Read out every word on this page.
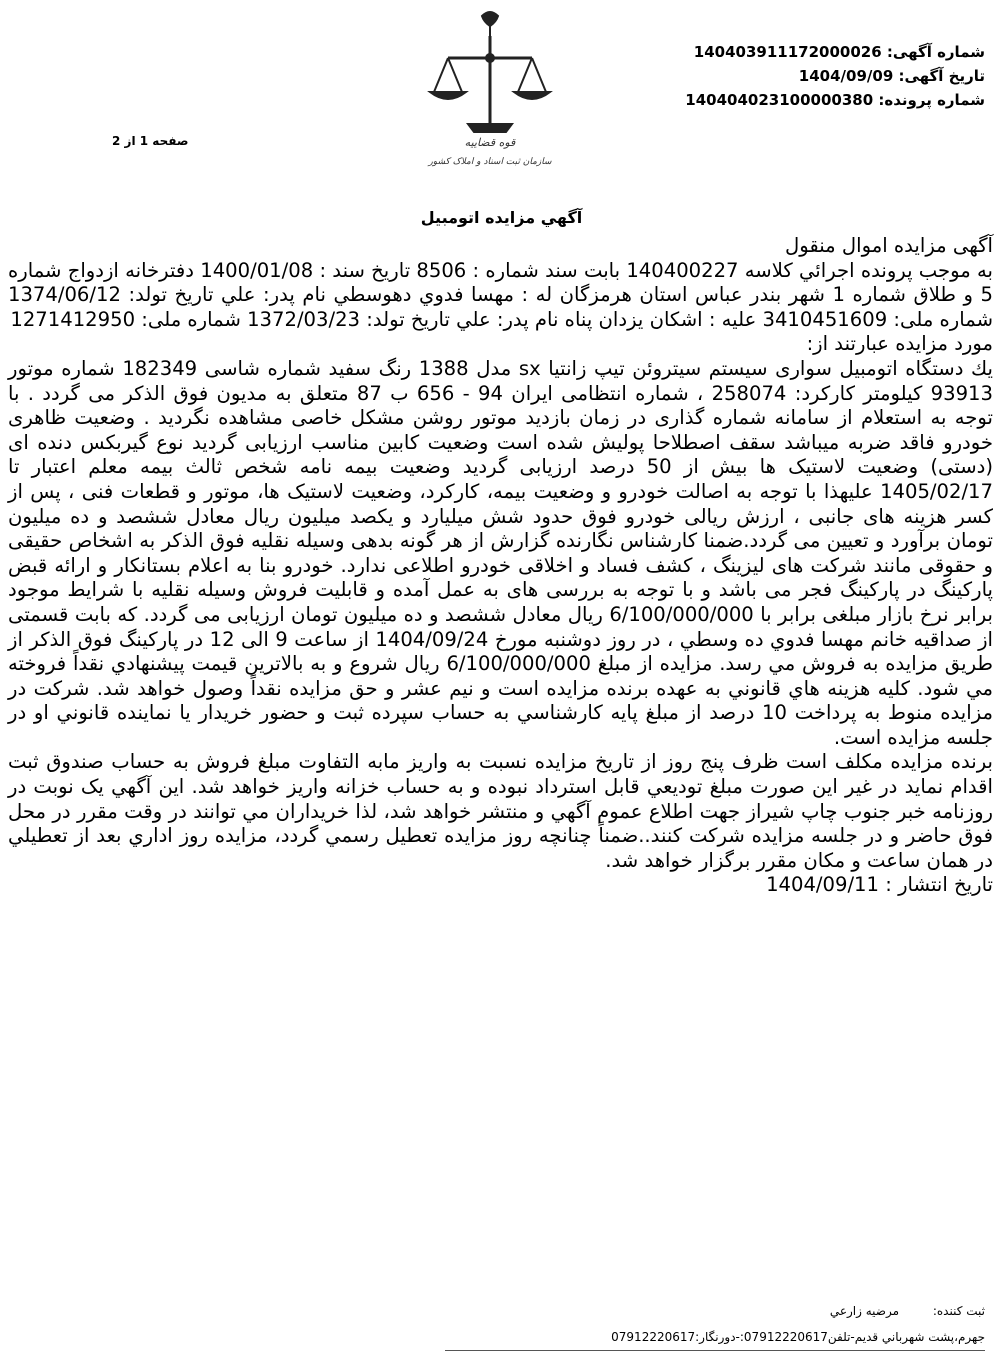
شماره آگهی: 140403911172000026
تاریخ آگهی: 1404/09/09
شماره پرونده: 140404023100000380
قوه قضاییه
سازمان ثبت اسناد و املاک کشور
صفحه 1 از 2
آگهي مزايده اتومبيل

آگهی مزایده اموال منقول

به موجب پرونده اجرائي كلاسه 140400227 بابت سند شماره : 8506 تاريخ سند : 1400/01/08 دفترخانه ازدواج شماره 5 و طلاق شماره 1 شهر بندر عباس استان هرمزگان له : مهسا فدوي دهوسطي نام پدر: علي تاريخ تولد: 1374/06/12 شماره ملی: 3410451609 علیه : اشكان يزدان پناه نام پدر: علي تاريخ تولد: 1372/03/23 شماره ملی: 1271412950

مورد مزايده عبارتند از:

يك دستگاه اتومبیل سواری سیستم سیتروئن تیپ زانتیا sx مدل 1388 رنگ سفید شماره شاسی 182349 شماره موتور 93913 کیلومتر کارکرد: 258074 ، شماره انتظامی ایران 94 - 656 ب 87 متعلق به مدیون فوق الذکر می گردد . با توجه به استعلام از سامانه شماره گذاری در زمان بازدید موتور روشن مشکل خاصی مشاهده نگردید . وضعیت ظاهری خودرو فاقد ضربه میباشد سقف اصطلاحا پولیش شده است وضعیت کابین مناسب ارزیابی گردید نوع گیربکس دنده ای (دستی) وضعیت لاستیک ها بیش از 50 درصد ارزیابی گردید وضعیت بیمه نامه شخص ثالث بیمه معلم اعتبار تا 1405/02/17 علیهذا با توجه به اصالت خودرو و وضعیت بیمه، کارکرد، وضعیت لاستیک ها، موتور و قطعات فنی ، پس از کسر هزینه های جانبی ، ارزش ریالی خودرو فوق حدود شش میلیارد و یکصد میلیون ریال معادل ششصد و ده میلیون تومان برآورد و تعیین می گردد.ضمنا کارشناس نگارنده گزارش از هر گونه بدهی وسیله نقلیه فوق الذکر به اشخاص حقیقی و حقوقی مانند شرکت های لیزینگ ، کشف فساد و اخلاقی خودرو اطلاعی ندارد. خودرو بنا به اعلام بستانکار و ارائه قبض پارکینگ در پارکینگ فجر می باشد و با توجه به بررسی های به عمل آمده و قابلیت فروش وسیله نقلیه با شرایط موجود برابر نرخ بازار مبلغی برابر با 6/100/000/000 ریال معادل ششصد و ده میلیون تومان ارزیابی می گردد. که بابت قسمتی از صداقیه خانم مهسا فدوي ده وسطي ، در روز دوشنبه مورخ 1404/09/24 از ساعت 9 الی 12 در پاركينگ فوق الذكر از طريق مزايده به فروش مي رسد. مزايده از مبلغ 6/100/000/000 ریال شروع و به بالاترين قيمت پيشنهادي نقداً فروخته مي شود. كليه هزينه هاي قانوني به عهده برنده مزايده است و نيم عشر و حق مزايده نقداً وصول خواهد شد. شركت در مزايده منوط به پرداخت 10 درصد از مبلغ پايه كارشناسي به حساب سپرده ثبت و حضور خريدار يا نماينده قانوني او در جلسه مزايده است.

برنده مزايده مكلف است ظرف پنج روز از تاريخ مزايده نسبت به واريز مابه التفاوت مبلغ فروش به حساب صندوق ثبت اقدام نمايد در غير اين صورت مبلغ توديعي قابل استرداد نبوده و به حساب خزانه واريز خواهد شد. اين آگهي يک نوبت در روزنامه خبر جنوب چاپ شیراز جهت اطلاع عموم آگهي و منتشر خواهد شد، لذا خريداران مي توانند در وقت مقرر در محل فوق حاضر و در جلسه مزايده شركت كنند..ضمناً چنانچه روز مزايده تعطيل رسمي گردد، مزايده روز اداري بعد از تعطيلي در همان ساعت و مكان مقرر برگزار خواهد شد.

تاریخ انتشار : 1404/09/11

ثبت کننده: مرضيه زارعي
جهرم،پشت شهرباني قديم-تلفن07912220617:-دورنگار:07912220617
